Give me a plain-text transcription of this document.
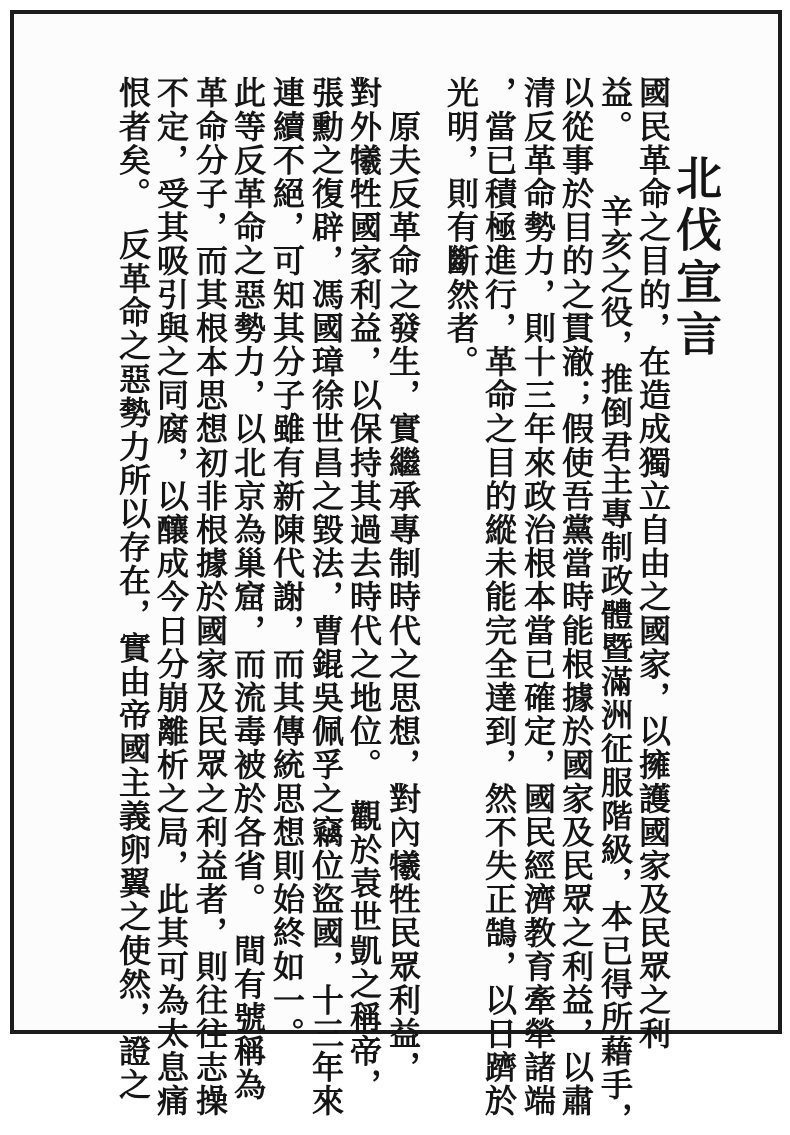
北伐宣言
國民革命之目的，在造成獨立自由之國家，以擁護國家及民眾之利
益。　　辛亥之役，推倒君主專制政體暨滿洲征服階級，本已得所藉手，
以從事於目的之貫澈；假使吾黨當時能根據於國家及民眾之利益，以肅
清反革命勢力，則十三年來政治根本當已確定，國民經濟教育牽犖諸端
，當已積極進行，革命之目的縱未能完全達到，然不失正鵠，以日躋於
光明，則有斷然者。
　原夫反革命之發生，實繼承專制時代之思想，對內犧牲民眾利益，
對外犧牲國家利益，以保持其過去時代之地位。　觀於袁世凱之稱帝，
張勳之復辟，馮國璋徐世昌之毀法，曹錕吳佩孚之竊位盜國，十三年來
連續不絕，可知其分子雖有新陳代謝，而其傳統思想則始終如一。
此等反革命之惡勢力，以北京為巢窟，而流毒被於各省。　間有號稱為
革命分子，而其根本思想初非根據於國家及民眾之利益者，則往往志操
不定，受其吸引與之同腐，以釀成今日分崩離析之局，此其可為太息痛
恨者矣。　反革命之惡勢力所以存在，實由帝國主義卵翼之使然，證之
